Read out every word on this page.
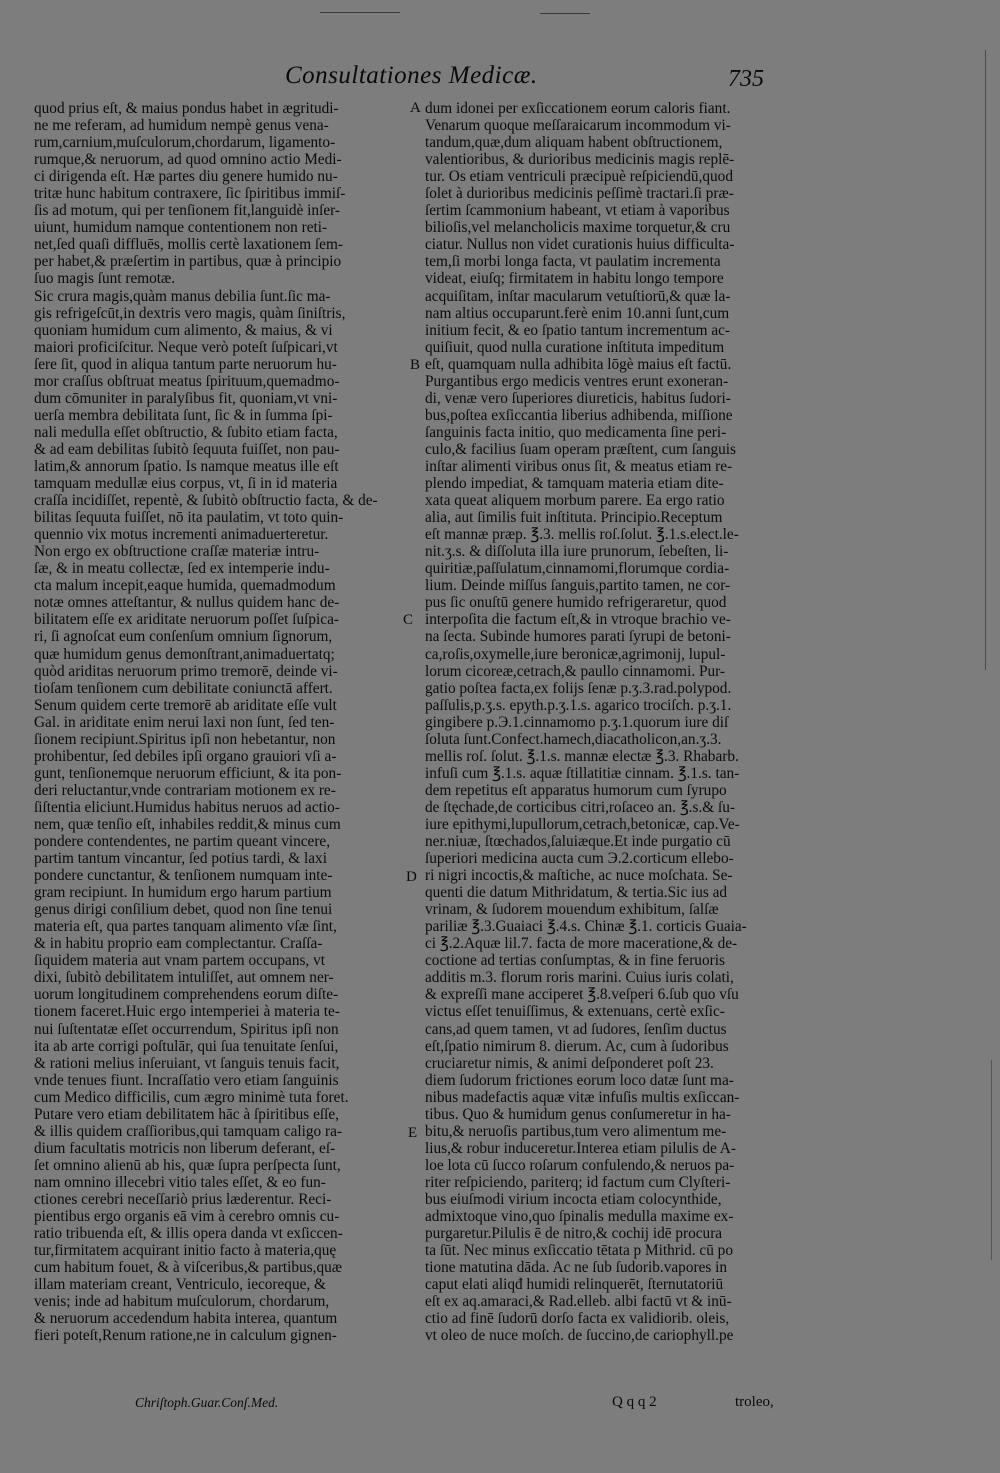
Consultationes Medicæ.	735
quod prius eſt, & maius pondus habet in ægritudi-
ne me referam, ad humidum nempè genus vena-
rum,carnium,muſculorum,chordarum, ligamento-
rumque,& neruorum, ad quod omnino actio Medi-
ci dirigenda eſt. Hæ partes diu genere humido nu-
tritæ hunc habitum contraxere, ſic ſpiritibus immiſ-
ſis ad motum, qui per tenſionem fit,languidè inſer-
uiunt, humidum namque contentionem non reti-
net,ſed quaſi diffluēs, mollis certè laxationem ſem-
per habet,& præſertim in partibus, quæ à principio
ſuo magis ſunt remotæ.
Sic crura magis,quàm manus debilia ſunt.ſic ma-
gis refrigeſcūt,in dextris vero magis, quàm ſiniſtris,
quoniam humidum cum alimento, & maius, & vi
maiori proficiſcitur. Neque verò poteſt ſuſpicari,vt
ſere ſit, quod in aliqua tantum parte neruorum hu-
mor craſſus obſtruat meatus ſpirituum,quemadmo-
dum cōmuniter in paralyſibus fit, quoniam,vt vni-
uerſa membra debilitata ſunt, ſic & in ſumma ſpi-
nali medulla eſſet obſtructio, & ſubito etiam facta,
& ad eam debilitas ſubitò ſequuta fuiſſet, non pau-
latim,& annorum ſpatio. Is namque meatus ille eſt
tamquam medullæ eius corpus, vt, ſi in id materia
craſſa incidiſſet, repentè, & ſubitò obſtructio facta, & de-
bilitas ſequuta fuiſſet, nō ita paulatim, vt toto quin-
quennio vix motus incrementi animaduerteretur.
Non ergo ex obſtructione craſſæ materiæ intru-
ſæ, & in meatu collectæ, ſed ex intemperie indu-
cta malum incepit,eaque humida, quemadmodum
notæ omnes atteſtantur, & nullus quidem hanc de-
bilitatem eſſe ex ariditate neruorum poſſet ſuſpica-
ri, ſi agnoſcat eum conſenſum omnium ſignorum,
quæ humidum genus demonſtrant,animaduertatq;
quòd ariditas neruorum primo tremorē, deinde vi-
tioſam tenſionem cum debilitate coniunctā affert.
Senum quidem certe tremorē ab ariditate eſſe vult
Gal. in ariditate enim nerui laxi non ſunt, ſed ten-
ſionem recipiunt.Spiritus ipſi non hebetantur, non
prohibentur, ſed debiles ipſi organo grauiori vſi a-
gunt, tenſionemque neruorum efficiunt, & ita pon-
deri reluctantur,vnde contrariam motionem ex re-
ſiſtentia eliciunt.Humidus habitus neruos ad actio-
nem, quæ tenſio eſt, inhabiles reddit,& minus cum
pondere contendentes, ne partim queant vincere,
partim tantum vincantur, ſed potius tardi, & laxi
pondere cunctantur, & tenſionem numquam inte-
gram recipiunt. In humidum ergo harum partium
genus dirigi conſilium debet, quod non ſine tenui
materia eſt, qua partes tanquam alimento vſæ ſint,
& in habitu proprio eam complectantur. Craſſa-
ſiquidem materia aut vnam partem occupans, vt
dixi, ſubitò debilitatem intuliſſet, aut omnem ner-
uorum longitudinem comprehendens eorum diſte-
tionem faceret.Huic ergo intemperiei à materia te-
nui ſuſtentatæ eſſet occurrendum, Spiritus ipſi non
ita ab arte corrigi poſtulār, qui ſua tenuitate ſenſui,
& rationi melius inſeruiant, vt ſanguis tenuis facit,
vnde tenues fiunt. Incraſſatio vero etiam ſanguinis
cum Medico difficilis, cum ægro minimè tuta foret.
Putare vero etiam debilitatem hāc à ſpiritibus eſſe,
& illis quidem craſſioribus,qui tamquam caligo ra-
dium facultatis motricis non liberum deferant, eſ-
ſet omnino alienū ab his, quæ ſupra perſpecta ſunt,
nam omnino illecebri vitio tales eſſet, & eo fun-
ctiones cerebri neceſſariò prius læderentur. Reci-
pientibus ergo organis eā vim à cerebro omnis cu-
ratio tribuenda eſt, & illis opera danda vt exſiccen-
tur,firmitatem acquirant initio facto à materia,quę
cum habitum fouet, & à viſceribus,& partibus,quæ
illam materiam creant, Ventriculo, iecoreque, &
venis; inde ad habitum muſculorum, chordarum,
& neruorum accedendum habita interea, quantum
fieri poteſt,Renum ratione,ne in calculum gignen-
dum idonei per exſiccationem eorum caloris fiant.
Venarum quoque meſſaraicarum incommodum vi-
tandum,quæ,dum aliquam habent obſtructionem,
valentioribus, & durioribus medicinis magis replē-
tur. Os etiam ventriculi præcipuè reſpiciendū,quod
ſolet à durioribus medicinis peſſimè tractari.ſi præ-
ſertim ſcammonium habeant, vt etiam à vaporibus
bilioſis,vel melancholicis maxime torquetur,& cru
ciatur. Nullus non videt curationis huius difficulta-
tem,ſi morbi longa facta, vt paulatim incrementa
videat, eiuſq; firmitatem in habitu longo tempore
acquiſitam, inſtar macularum vetuſtiorū,& quæ la-
nam altius occuparunt.ferè enim 10.anni ſunt,cum
initium fecit, & eo ſpatio tantum incrementum ac-
quiſiuit, quod nulla curatione inſtituta impeditum
eſt, quamquam nulla adhibita lōgè maius eſt factū.
Purgantibus ergo medicis ventres erunt exoneran-
di, venæ vero ſuperiores diureticis, habitus ſudori-
bus,poſtea exſiccantia liberius adhibenda, miſſione
ſanguinis facta initio, quo medicamenta ſine peri-
culo,& facilius ſuam operam præſtent, cum ſanguis
inſtar alimenti viribus onus ſit, & meatus etiam re-
plendo impediat, & tamquam materia etiam dite-
xata queat aliquem morbum parere. Ea ergo ratio
alia, aut ſimilis fuit inſtituta. Principio.Receptum
eſt mannæ præp. ℥.3. mellis roſ.ſolut. ℥.1.s.elect.le-
nit.ʒ.s. & diſſoluta illa iure prunorum, ſebeſten, li-
quiritiæ,paſſulatum,cinnamomi,florumque cordia-
lium. Deinde miſſus ſanguis,partito tamen, ne cor-
pus ſic onuſtū genere humido refrigeraretur, quod
interpoſita die factum eſt,& in vtroque brachio ve-
na ſecta. Subinde humores parati ſyrupi de betoni-
ca,roſis,oxymelle,iure beronicæ,agrimonij, lupul-
lorum cicoreæ,cetrach,& paullo cinnamomi. Pur-
gatio poſtea facta,ex folijs ſenæ p.ʒ.3.rad.polypod.
paſſulis,p.ʒ.s. epyth.p.ʒ.1.s. agarico trociſch. p.ʒ.1.
gingibere p.Э.1.cinnamomo p.ʒ.1.quorum iure diſ
ſoluta ſunt.Confect.hamech,diacatholicon,an.ʒ.3.
mellis roſ. ſolut. ℥.1.s. mannæ electæ ℥.3. Rhabarb.
infuſi cum ℥.1.s. aquæ ſtillatitiæ cinnam. ℥.1.s. tan-
dem repetitus eſt apparatus humorum cum ſyrupo
de ſtęchade,de corticibus citri,roſaceo an. ℥.s.& ſu-
iure epithymi,lupullorum,cetrach,betonicæ, cap.Ve-
ner.niuæ, ſtœchados,ſaluiæque.Et inde purgatio cū
ſuperiori medicina aucta cum Э.2.corticum ellebo-
ri nigri incoctis,& maſtiche, ac nuce moſchata. Se-
quenti die datum Mithridatum, & tertia.Sic ius ad
vrinam, & ſudorem mouendum exhibitum, ſalſæ
pariliæ ℥.3.Guaiaci ℥.4.s. Chinæ ℥.1. corticis Guaia-
ci ℥.2.Aquæ lil.7. facta de more maceratione,& de-
coctione ad tertias conſumptas, & in fine feruoris
additis m.3. florum roris marini. Cuius iuris colati,
& expreſſi mane acciperet ℥.8.veſperi 6.ſub quo vſu
victus eſſet tenuiſſimus, & extenuans, certè exſic-
cans,ad quem tamen, vt ad ſudores, ſenſim ductus
eſt,ſpatio nimirum 8. dierum. Ac, cum à ſudoribus
cruciaretur nimis, & animi deſponderet poſt 23.
diem ſudorum frictiones eorum loco datæ ſunt ma-
nibus madefactis aquæ vitæ infuſis multis exſiccan-
tibus. Quo & humidum genus conſumeretur in ha-
bitu,& neruoſis partibus,tum vero alimentum me-
lius,& robur induceretur.Interea etiam pilulis de A-
loe lota cū ſucco roſarum confulendo,& neruos pa-
riter reſpiciendo, pariterq; id factum cum Clyſteri-
bus eiuſmodi virium incocta etiam colocynthide,
admixtoque vino,quo ſpinalis medulla maxime ex-
purgaretur.Pilulis ē de nitro,& cochij idē procura
ta ſūt. Nec minus exſiccatio tētata p Mithrid. cū po
tione matutina dāda. Ac ne ſub ſudorib.vapores in
caput elati aliqđ humidi relinquerēt, ſternutatoriū
eſt ex aq.amaraci,& Rad.elleb. albi factū vt & inū-
ctio ad finē ſudorū dorſo facta ex validiorib. oleis,
vt oleo de nuce moſch. de ſuccino,de cariophyll.pe
A
B
C
D
E
Chriſtoph.Guar.Conſ.Med.	Q q q 2	troleo,
